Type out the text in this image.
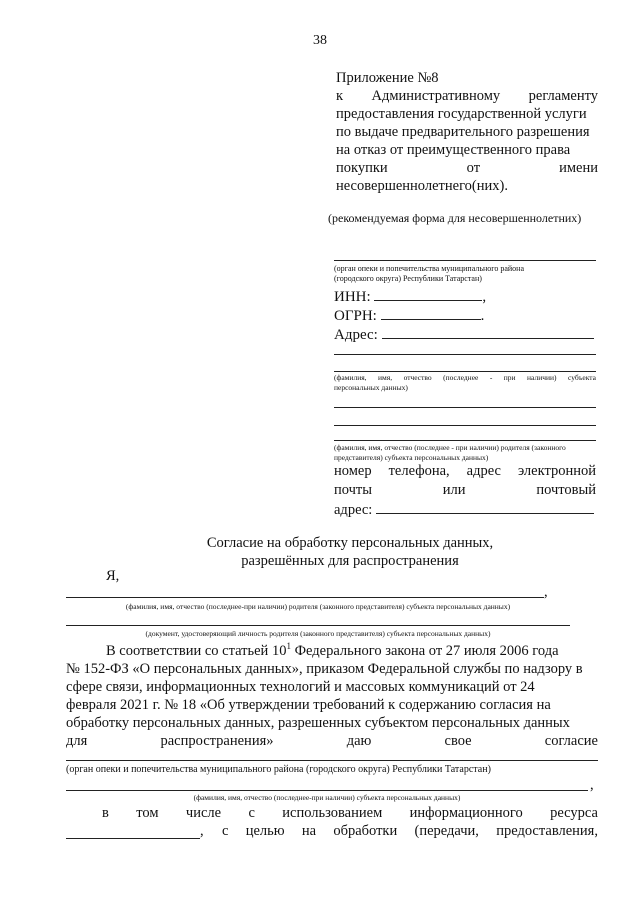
38
Приложение №8
к Административному регламенту
предоставления государственной услуги
по выдаче предварительного разрешения
на отказ от преимущественного права
покупки	от	имени
несовершеннолетнего(них).
(рекомендуемая форма для несовершеннолетних)
(орган опеки и попечительства муниципального района
(городского округа) Республики Татарстан)
ИНН:	,
ОГРН:	.
Адрес:
(фамилия, имя, отчество (последнее - при наличии) субъекта
персональных данных)
(фамилия, имя, отчество (последнее - при наличии) родителя (законного
представителя) субъекта персональных данных)
номер телефона, адрес электронной
почты	или	почтовый
адрес:
Согласие на обработку персональных данных,
разрешённых для распространения
Я,
,
(фамилия, имя, отчество (последнее-при наличии) родителя (законного представителя) субъекта персональных данных)
(документ, удостоверяющий личность родителя (законного представителя) субъекта персональных данных)
В соответствии со статьей $10^1$ Федерального закона от 27 июля 2006 года
№ 152-ФЗ «О персональных данных», приказом Федеральной службы по надзору в
сфере связи, информационных технологий и массовых коммуникаций от 24
февраля 2021 г. № 18 «Об утверждении требований к содержанию согласия на
обработку персональных данных, разрешенных субъектом персональных данных
для	распространения»	даю	свое	согласие
(орган опеки и попечительства муниципального района (городского округа) Республики Татарстан)
,
(фамилия, имя, отчество (последнее-при наличии) субъекта персональных данных)
в том числе с использованием информационного ресурса
, с целью на обработки (передачи, предоставления,
